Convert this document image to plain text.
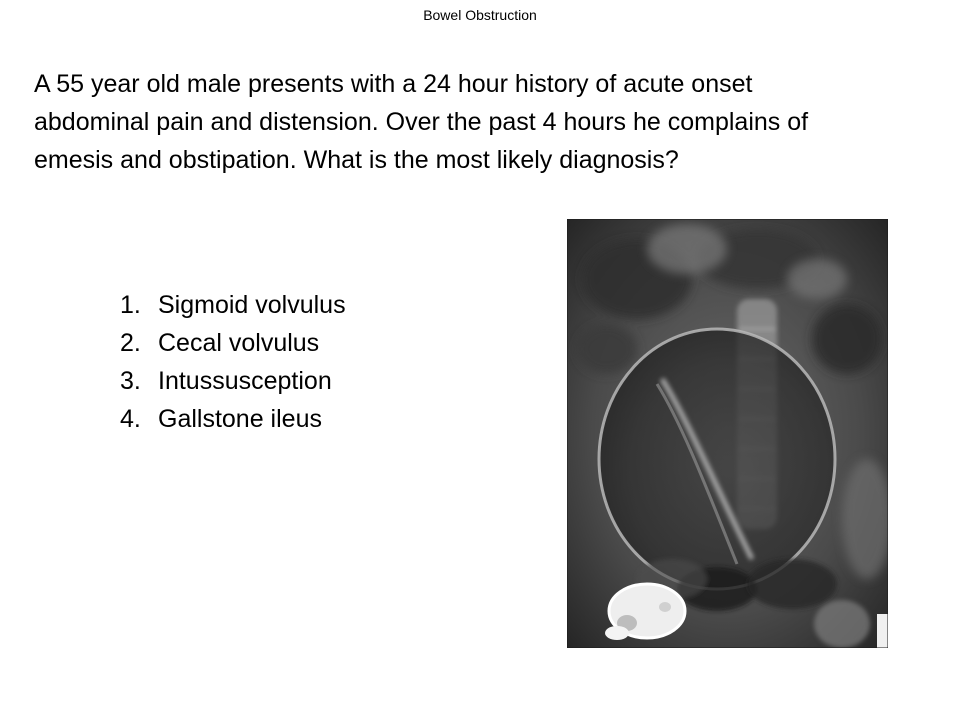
Bowel Obstruction
A 55 year old male presents with a 24 hour history of acute onset abdominal pain and distension. Over the past 4 hours he complains of emesis and obstipation. What is the most likely diagnosis?
1. Sigmoid volvulus
2. Cecal volvulus
3. Intussusception
4. Gallstone ileus
